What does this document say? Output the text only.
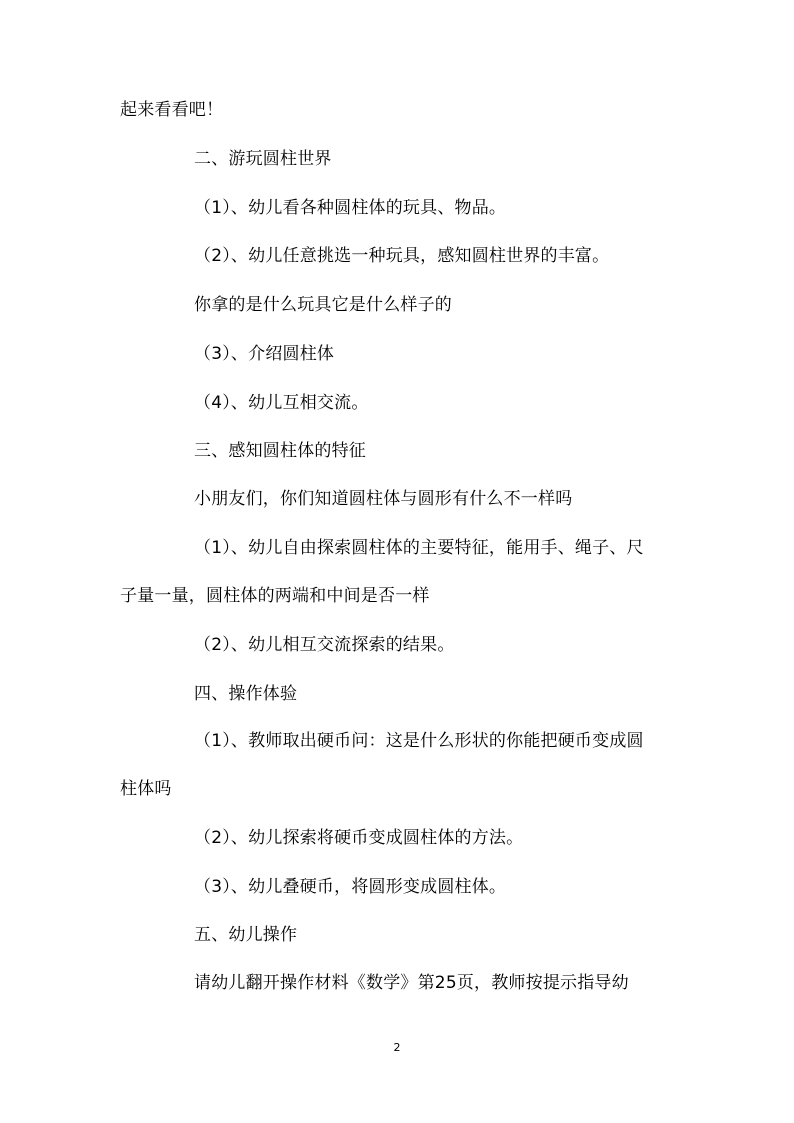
起来看看吧！
二、游玩圆柱世界
（1）、幼儿看各种圆柱体的玩具、物品。
（2）、幼儿任意挑选一种玩具，感知圆柱世界的丰富。
你拿的是什么玩具它是什么样子的
（3）、介绍圆柱体
（4）、幼儿互相交流。
三、感知圆柱体的特征
小朋友们，你们知道圆柱体与圆形有什么不一样吗
（1）、幼儿自由探索圆柱体的主要特征，能用手、绳子、尺
子量一量，圆柱体的两端和中间是否一样
（2）、幼儿相互交流探索的结果。
四、操作体验
（1）、教师取出硬币问：这是什么形状的你能把硬币变成圆
柱体吗
（2）、幼儿探索将硬币变成圆柱体的方法。
（3）、幼儿叠硬币，将圆形变成圆柱体。
五、幼儿操作
请幼儿翻开操作材料《数学》第25页，教师按提示指导幼
2
